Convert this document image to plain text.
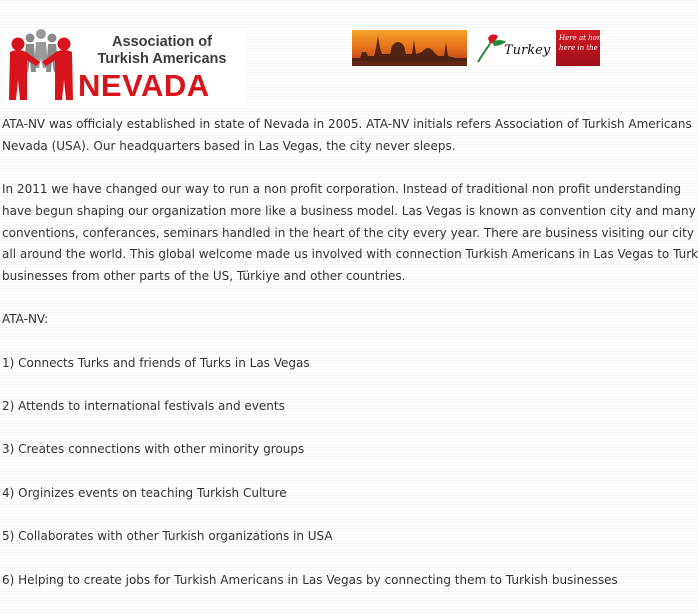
Association of
Turkish Americans
NEVADA
Turkey
Here at home,
here in the w...

ATA-NV was officialy established in state of Nevada in 2005. ATA-NV initials refers Association of Turkish Americans
Nevada (USA). Our headquarters based in Las Vegas, the city never sleeps.

In 2011 we have changed our way to run a non profit corporation. Instead of traditional non profit understanding
have begun shaping our organization more like a business model. Las Vegas is known as convention city and many
conventions, conferances, seminars handled in the heart of the city every year. There are business visiting our city
all around the world. This global welcome made us involved with connection Turkish Americans in Las Vegas to Turk
businesses from other parts of the US, Türkiye and other countries.

ATA-NV:

1) Connects Turks and friends of Turks in Las Vegas

2) Attends to international festivals and events

3) Creates connections with other minority groups

4) Orginizes events on teaching Turkish Culture

5) Collaborates with other Turkish organizations in USA

6) Helping to create jobs for Turkish Americans in Las Vegas by connecting them to Turkish businesses
